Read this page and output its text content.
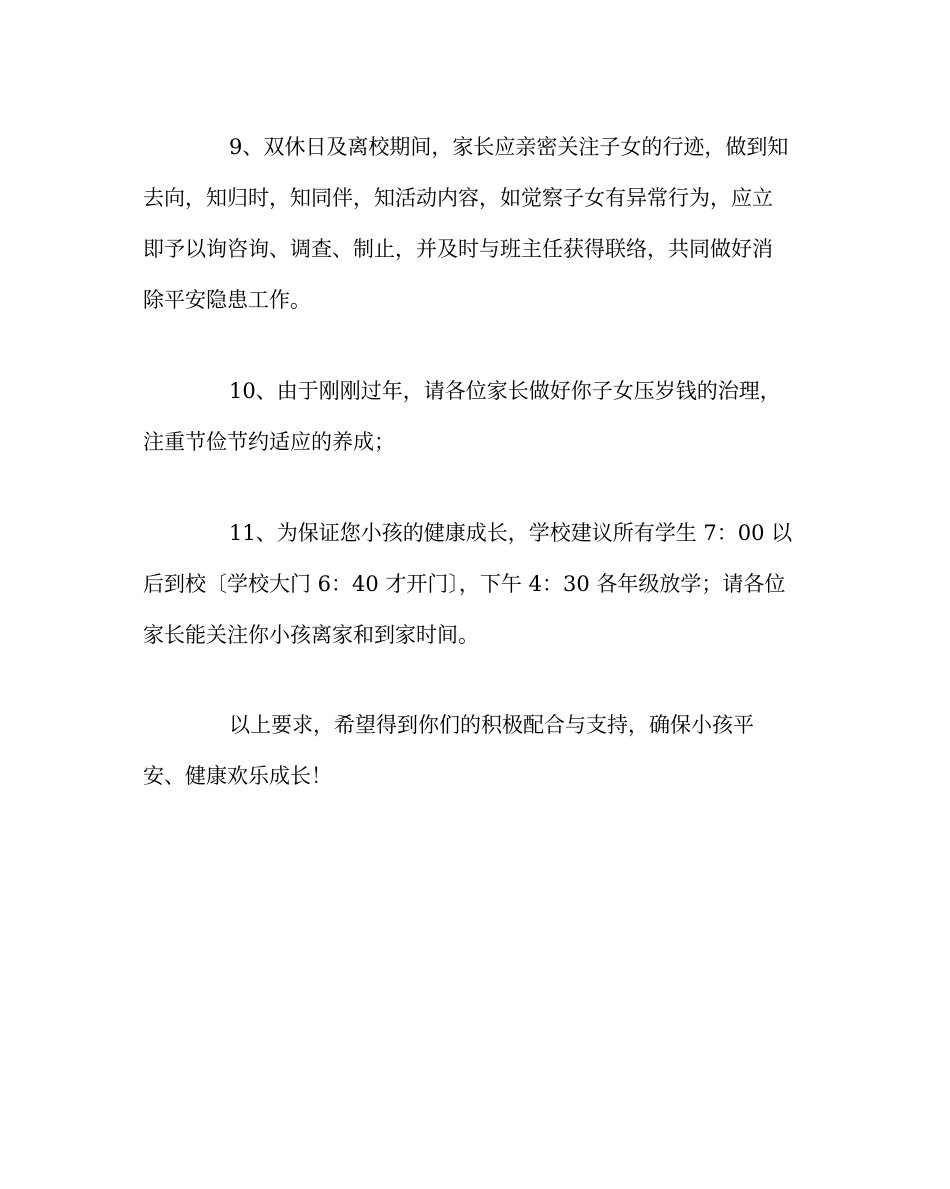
9、双休日及离校期间，家长应亲密关注子女的行迹，做到知
去向，知归时，知同伴，知活动内容，如觉察子女有异常行为，应立
即予以询咨询、调查、制止，并及时与班主任获得联络，共同做好消
除平安隐患工作。

10、由于刚刚过年，请各位家长做好你子女压岁钱的治理，
注重节俭节约适应的养成；

11、为保证您小孩的健康成长，学校建议所有学生 7：00 以
后到校〔学校大门 6：40 才开门〕，下午 4：30 各年级放学；请各位
家长能关注你小孩离家和到家时间。

以上要求，希望得到你们的积极配合与支持，确保小孩平
安、健康欢乐成长！
